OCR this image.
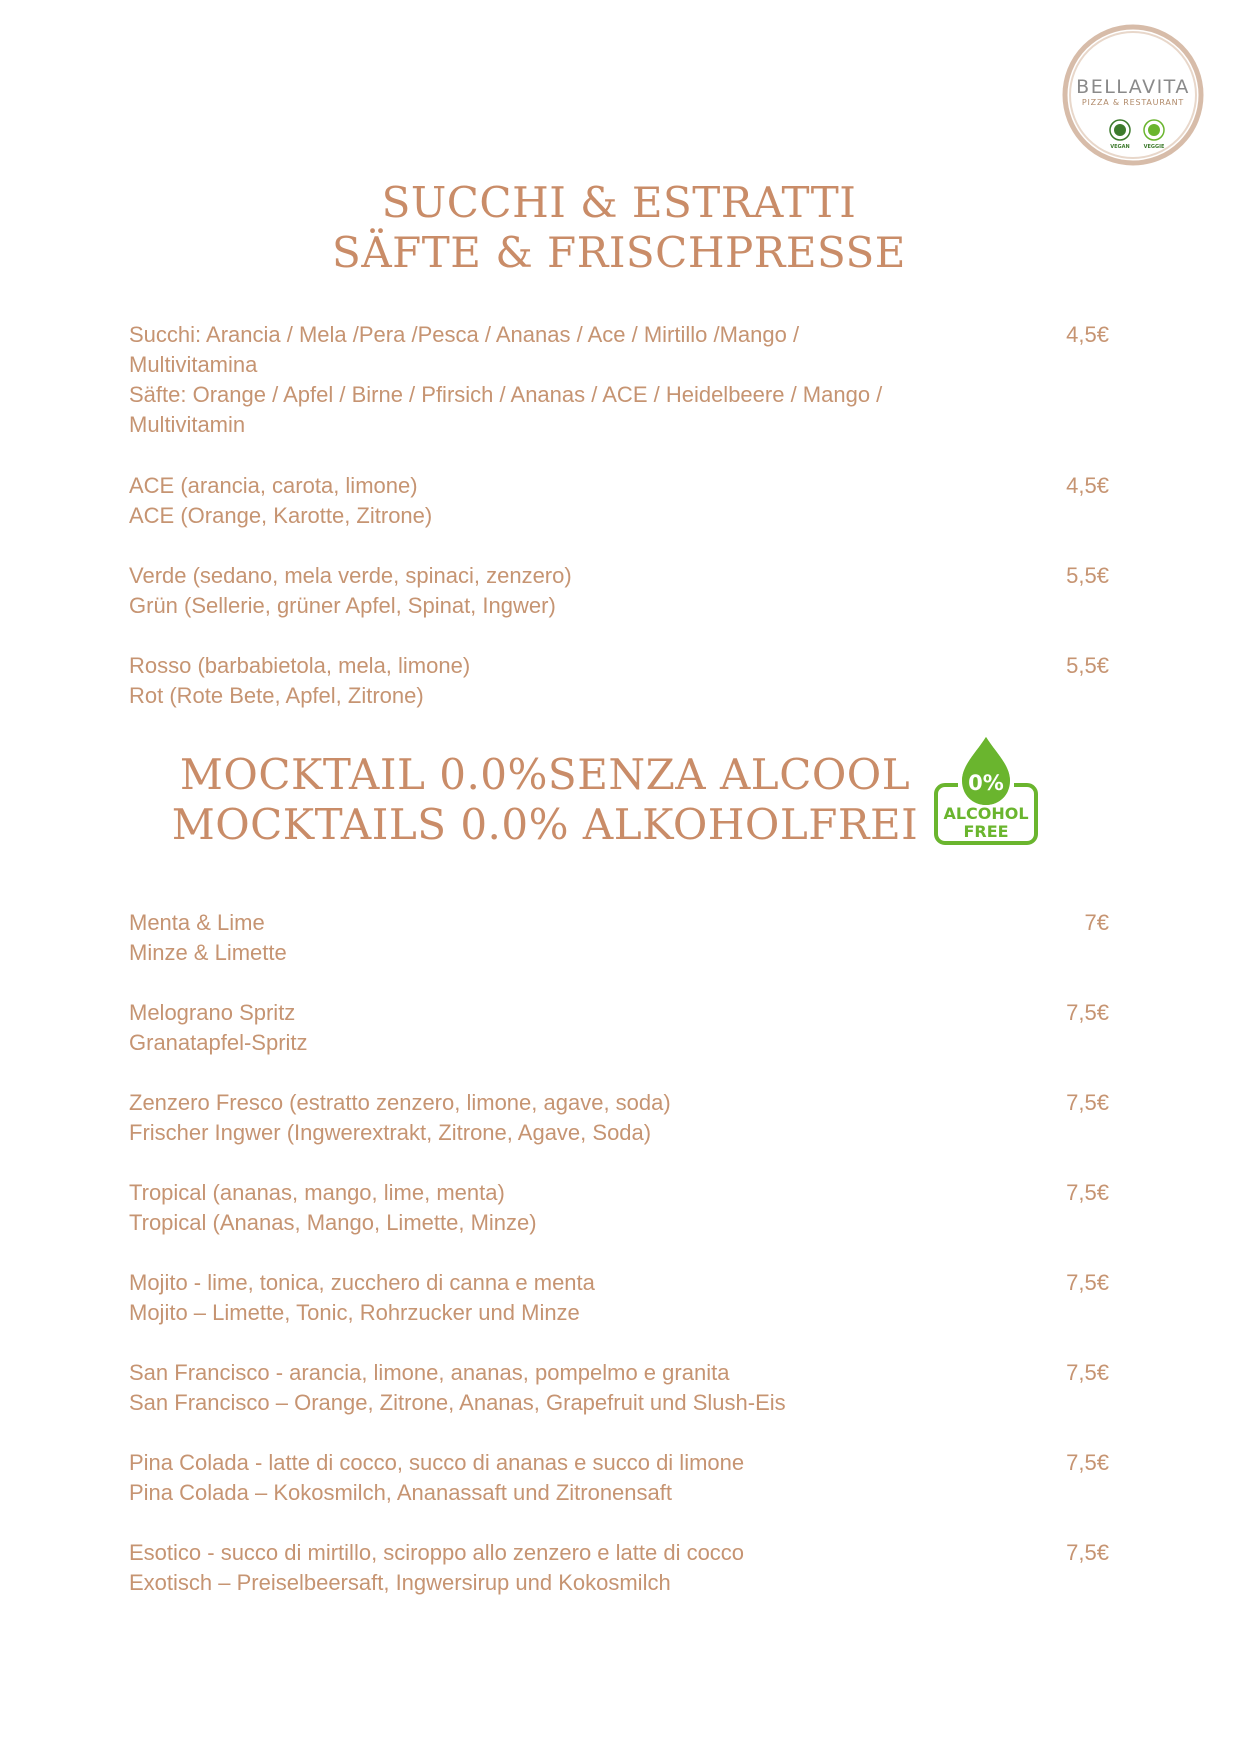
BELLAVITA
PIZZA & RESTAURANT
VEGAN	VEGGIE
SUCCHI & ESTRATTI
SÄFTE & FRISCHPRESSE
Succhi: Arancia / Mela /Pera /Pesca / Ananas / Ace / Mirtillo /Mango /
Multivitamina
Säfte: Orange / Apfel / Birne / Pfirsich / Ananas / ACE / Heidelbeere / Mango /
Multivitamin
4,5€
ACE (arancia, carota, limone)
ACE (Orange, Karotte, Zitrone)
4,5€
Verde (sedano, mela verde, spinaci, zenzero)
Grün (Sellerie, grüner Apfel, Spinat, Ingwer)
5,5€
Rosso (barbabietola, mela, limone)
Rot (Rote Bete, Apfel, Zitrone)
5,5€
MOCKTAIL 0.0%SENZA ALCOOL
MOCKTAILS 0.0% ALKOHOLFREI
0%
ALCOHOL
FREE
Menta & Lime
Minze & Limette
7€
Melograno Spritz
Granatapfel-Spritz
7,5€
Zenzero Fresco (estratto zenzero, limone, agave, soda)
Frischer Ingwer (Ingwerextrakt, Zitrone, Agave, Soda)
7,5€
Tropical (ananas, mango, lime, menta)
Tropical (Ananas, Mango, Limette, Minze)
7,5€
Mojito - lime, tonica, zucchero di canna e menta
Mojito – Limette, Tonic, Rohrzucker und Minze
7,5€
San Francisco - arancia, limone, ananas, pompelmo e granita
San Francisco – Orange, Zitrone, Ananas, Grapefruit und Slush-Eis
7,5€
Pina Colada - latte di cocco, succo di ananas e succo di limone
Pina Colada – Kokosmilch, Ananassaft und Zitronensaft
7,5€
Esotico - succo di mirtillo, sciroppo allo zenzero e latte di cocco
Exotisch – Preiselbeersaft, Ingwersirup und Kokosmilch
7,5€
